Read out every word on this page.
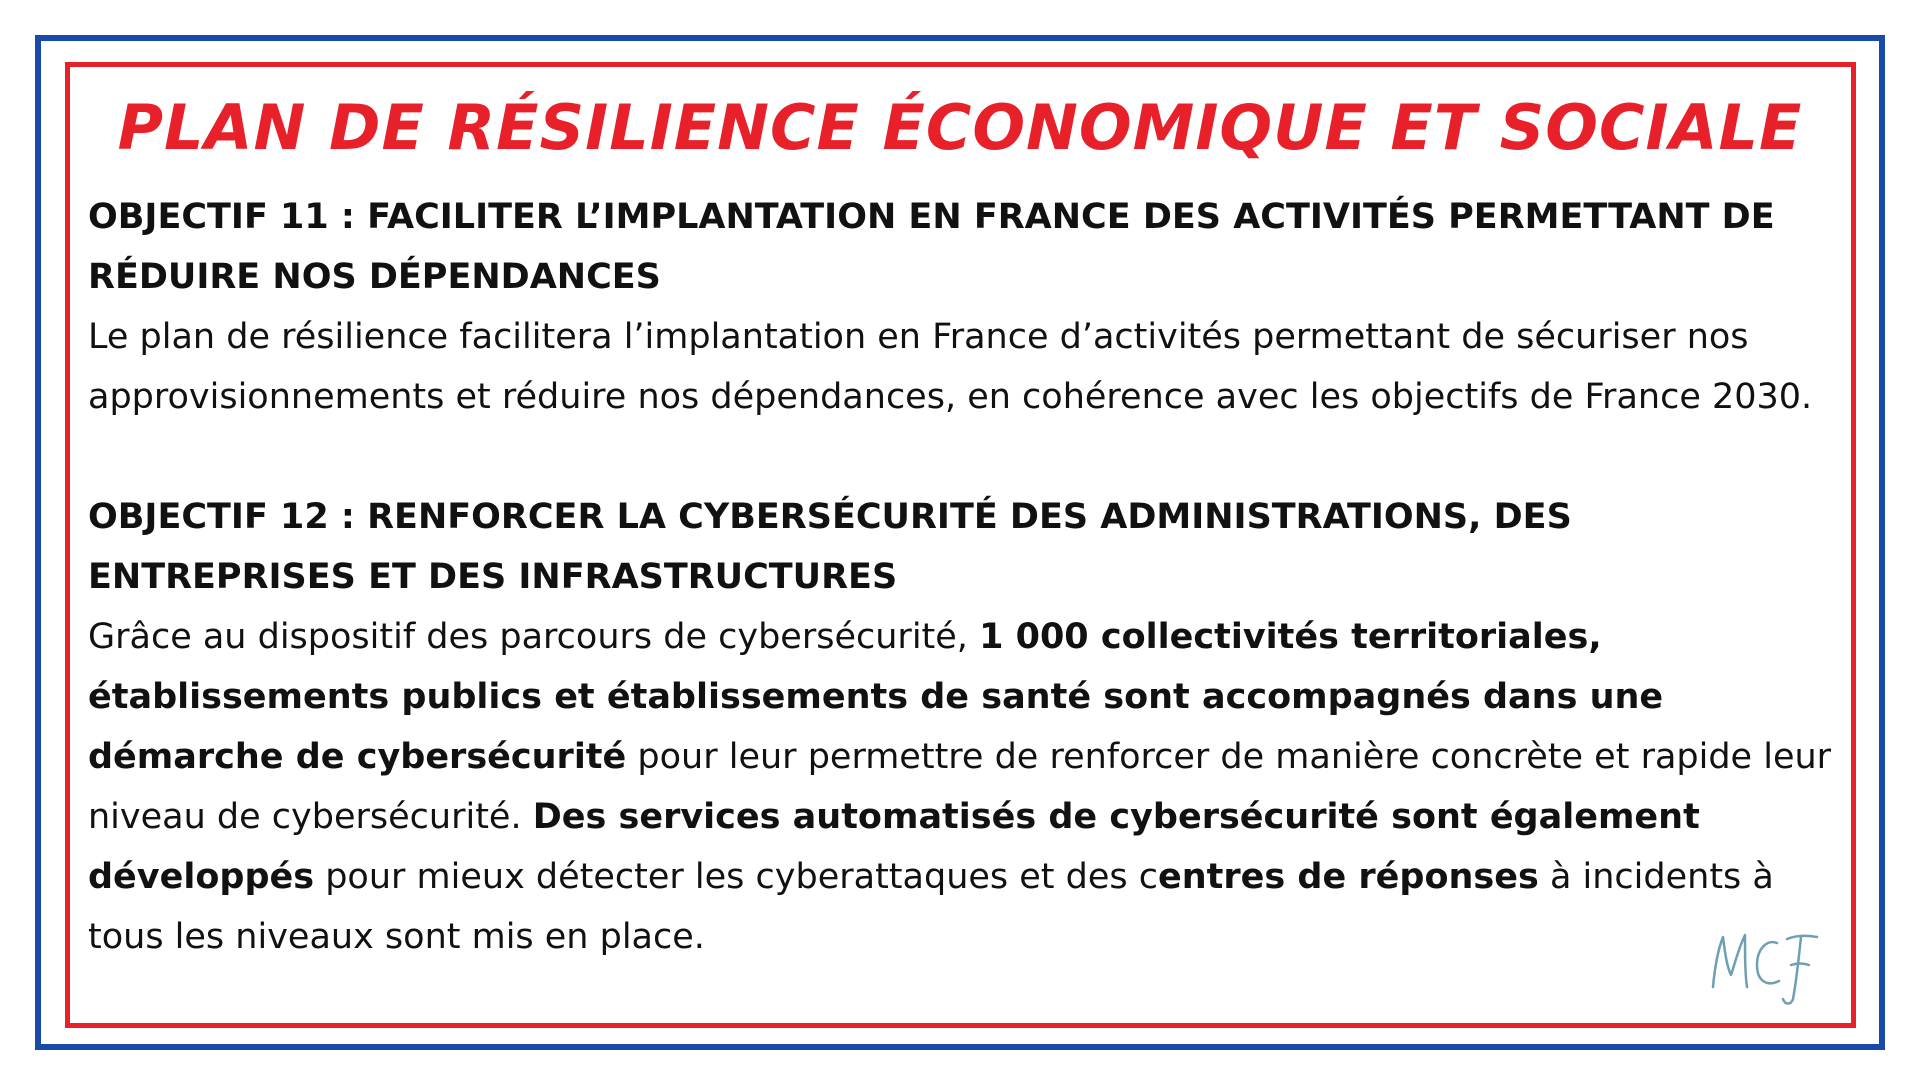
PLAN DE RÉSILIENCE ÉCONOMIQUE ET SOCIALE

OBJECTIF 11 : FACILITER L’IMPLANTATION EN FRANCE DES ACTIVITÉS PERMETTANT DE RÉDUIRE NOS DÉPENDANCES

Le plan de résilience facilitera l’implantation en France d’activités permettant de sécuriser nos approvisionnements et réduire nos dépendances, en cohérence avec les objectifs de France 2030.

OBJECTIF 12 : RENFORCER LA CYBERSÉCURITÉ DES ADMINISTRATIONS, DES ENTREPRISES ET DES INFRASTRUCTURES

Grâce au dispositif des parcours de cybersécurité, 1 000 collectivités territoriales, établissements publics et établissements de santé sont accompagnés dans une démarche de cybersécurité pour leur permettre de renforcer de manière concrète et rapide leur niveau de cybersécurité. Des services automatisés de cybersécurité sont également développés pour mieux détecter les cyberattaques et des centres de réponses à incidents à tous les niveaux sont mis en place.
